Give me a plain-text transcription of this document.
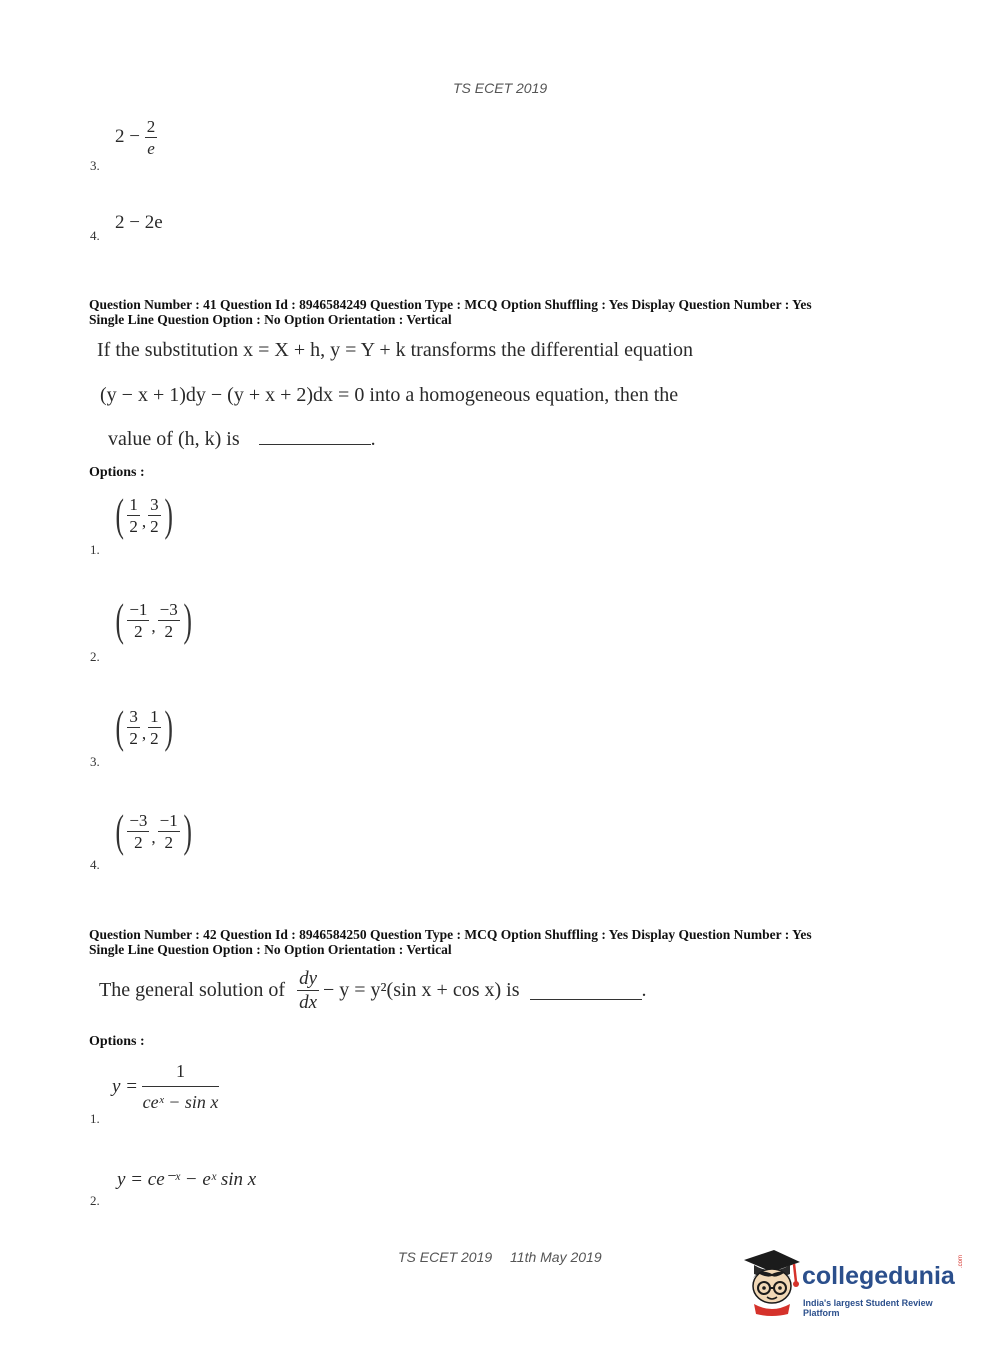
TS ECET 2019
$2 - \frac{2}{e}$
3.
2 − 2e
4.
Question Number : 41 Question Id : 8946584249 Question Type : MCQ Option Shuffling : Yes Display Question Number : Yes
Single Line Question Option : No Option Orientation : Vertical
If the substitution x = X + h, y = Y + k transforms the differential equation
(y − x + 1)dy − (y + x + 2)dx = 0 into a homogeneous equation, then the
value of (h, k) is	.
Options :
( $\frac{1}{2}$ , $\frac{3}{2}$ )
1.
( $\frac{-1}{2}$ , $\frac{-3}{2}$ )
2.
( $\frac{3}{2}$ , $\frac{1}{2}$ )
3.
( $\frac{-3}{2}$ , $\frac{-1}{2}$ )
4.
Question Number : 42 Question Id : 8946584250 Question Type : MCQ Option Shuffling : Yes Display Question Number : Yes
Single Line Question Option : No Option Orientation : Vertical
The general solution of $\frac{dy}{dx} - y = y^2(\sin$ x + cos x) is	.
Options :
$y = \frac{1}{\text{ceˣ − sin x}}$
1.
y = ce⁻ˣ − eˣ sin x
2.
TS ECET 2019 11th May 2019
collegedunia
.com
India's largest Student Review Platform
